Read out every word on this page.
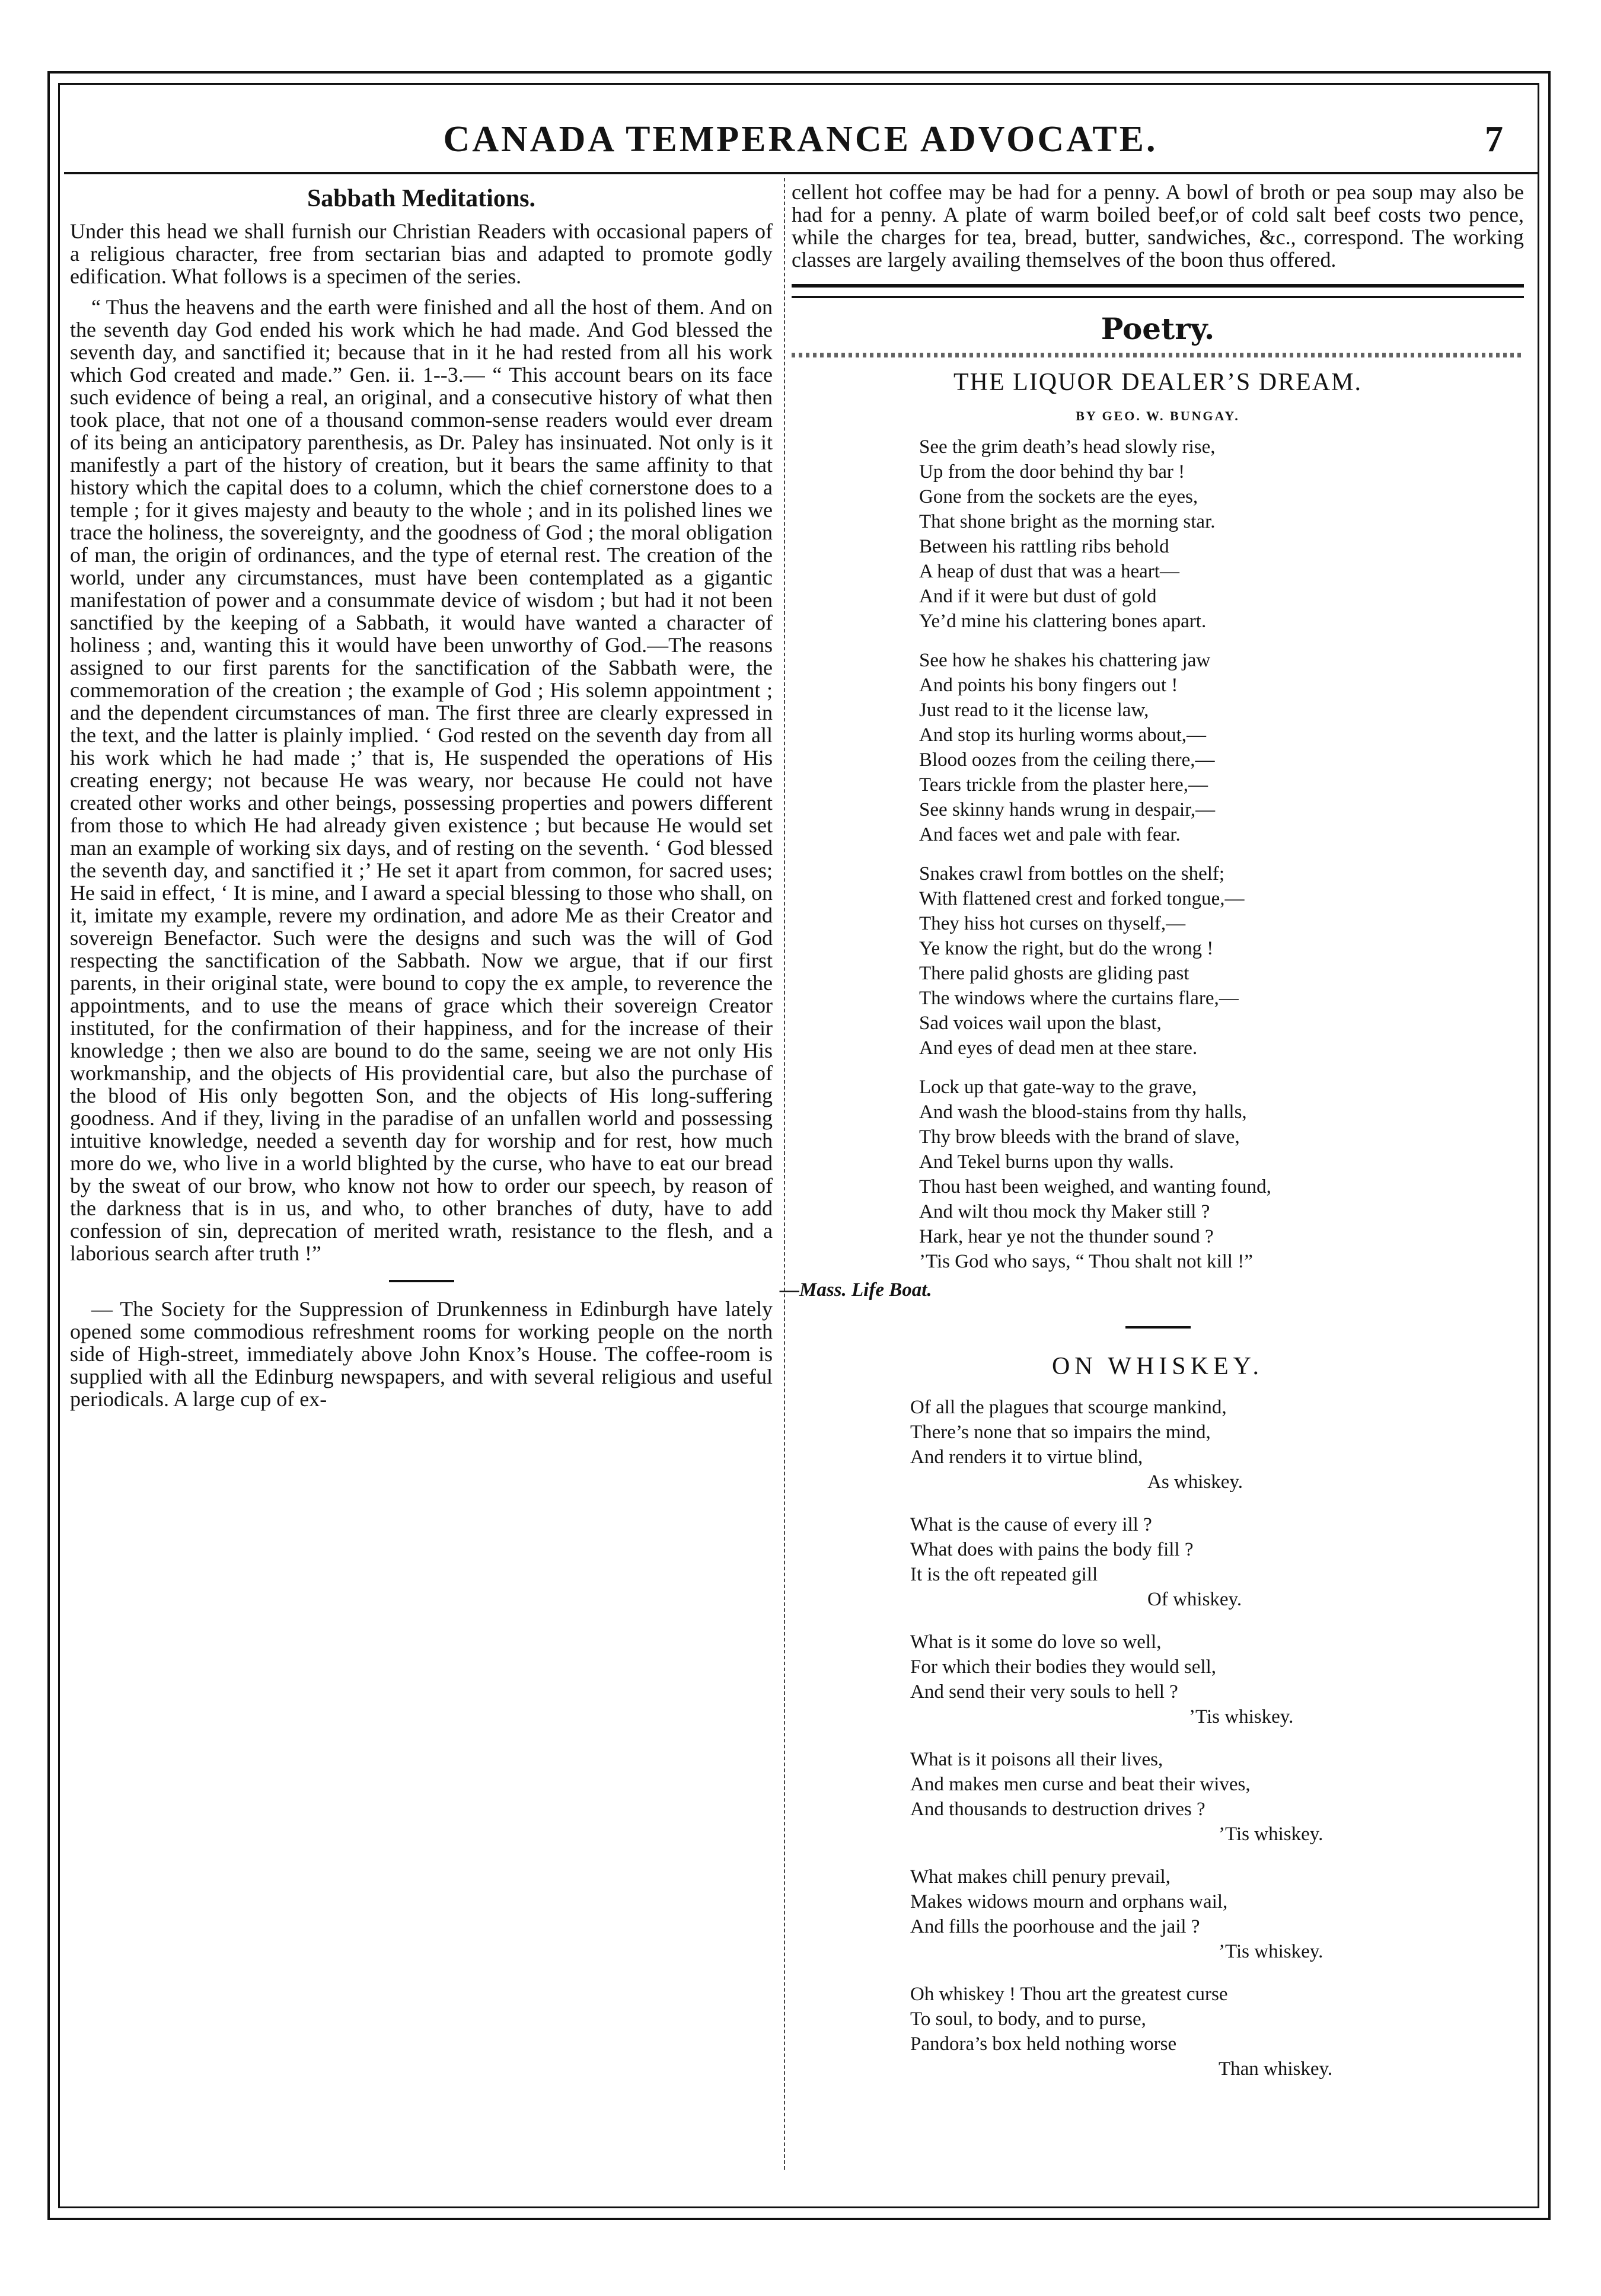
CANADA TEMPERANCE ADVOCATE.	7
Sabbath Meditations.

Under this head we shall furnish our Christian Readers with occasional papers of a religious character, free from sectarian bias and adapted to promote godly edification. What follows is a specimen of the series.

“ Thus the heavens and the earth were finished and all the host of them. And on the seventh day God ended his work which he had made. And God blessed the seventh day, and sanctified it; because that in it he had rested from all his work which God created and made.” Gen. ii. 1--3.— “ This account bears on its face such evidence of being a real, an original, and a consecutive history of what then took place, that not one of a thousand common-sense readers would ever dream of its being an anticipatory parenthesis, as Dr. Paley has insinuated. Not only is it manifestly a part of the history of creation, but it bears the same affinity to that history which the capital does to a column, which the chief cornerstone does to a temple ; for it gives majesty and beauty to the whole ; and in its polished lines we trace the holiness, the sovereignty, and the goodness of God ; the moral obligation of man, the origin of ordinances, and the type of eternal rest. The creation of the world, under any circumstances, must have been contemplated as a gigantic manifestation of power and a consummate device of wisdom ; but had it not been sanctified by the keeping of a Sabbath, it would have wanted a character of holiness ; and, wanting this it would have been unworthy of God.—The reasons assigned to our first parents for the sanctification of the Sabbath were, the commemoration of the creation ; the example of God ; His solemn appointment ; and the dependent circumstances of man. The first three are clearly expressed in the text, and the latter is plainly implied. ‘ God rested on the seventh day from all his work which he had made ;’ that is, He suspended the operations of His creating energy; not because He was weary, nor because He could not have created other works and other beings, possessing properties and powers different from those to which He had already given existence ; but because He would set man an example of working six days, and of resting on the seventh. ‘ God blessed the seventh day, and sanctified it ;’ He set it apart from common, for sacred uses; He said in effect, ‘ It is mine, and I award a special blessing to those who shall, on it, imitate my example, revere my ordination, and adore Me as their Creator and sovereign Benefactor. Such were the designs and such was the will of God respecting the sanctification of the Sabbath. Now we argue, that if our first parents, in their original state, were bound to copy the ex ample, to reverence the appointments, and to use the means of grace which their sovereign Creator instituted, for the confirmation of their happiness, and for the increase of their knowledge ; then we also are bound to do the same, seeing we are not only His workmanship, and the objects of His providential care, but also the purchase of the blood of His only begotten Son, and the objects of His long-suffering goodness. And if they, living in the paradise of an unfallen world and possessing intuitive knowledge, needed a seventh day for worship and for rest, how much more do we, who live in a world blighted by the curse, who have to eat our bread by the sweat of our brow, who know not how to order our speech, by reason of the darkness that is in us, and who, to other branches of duty, have to add confession of sin, deprecation of merited wrath, resistance to the flesh, and a laborious search after truth !”

— The Society for the Suppression of Drunkenness in Edinburgh have lately opened some commodious refreshment rooms for working people on the north side of High-street, immediately above John Knox’s House. The coffee-room is supplied with all the Edinburg newspapers, and with several religious and useful periodicals. A large cup of ex-

cellent hot coffee may be had for a penny. A bowl of broth or pea soup may also be had for a penny. A plate of warm boiled beef,or of cold salt beef costs two pence, while the charges for tea, bread, butter, sandwiches, &c., correspond. The working classes are largely availing themselves of the boon thus offered.

Poetry.
THE LIQUOR DEALER’S DREAM.
BY GEO. W. BUNGAY.
See the grim death’s head slowly rise,
Up from the door behind thy bar !
Gone from the sockets are the eyes,
That shone bright as the morning star.
Between his rattling ribs behold
A heap of dust that was a heart—
And if it were but dust of gold
Ye’d mine his clattering bones apart.
See how he shakes his chattering jaw
And points his bony fingers out !
Just read to it the license law,
And stop its hurling worms about,—
Blood oozes from the ceiling there,—
Tears trickle from the plaster here,—
See skinny hands wrung in despair,—
And faces wet and pale with fear.
Snakes crawl from bottles on the shelf;
With flattened crest and forked tongue,—
They hiss hot curses on thyself,—
Ye know the right, but do the wrong !
There palid ghosts are gliding past
The windows where the curtains flare,—
Sad voices wail upon the blast,
And eyes of dead men at thee stare.
Lock up that gate-way to the grave,
And wash the blood-stains from thy halls,
Thy brow bleeds with the brand of slave,
And Tekel burns upon thy walls.
Thou hast been weighed, and wanting found,
And wilt thou mock thy Maker still ?
Hark, hear ye not the thunder sound ?
’Tis God who says, “ Thou shalt not kill !”
—Mass. Life Boat.
ON WHISKEY.
Of all the plagues that scourge mankind,
There’s none that so impairs the mind,
And renders it to virtue blind,
As whiskey.
What is the cause of every ill ?
What does with pains the body fill ?
It is the oft repeated gill
Of whiskey.
What is it some do love so well,
For which their bodies they would sell,
And send their very souls to hell ?
’Tis whiskey.
What is it poisons all their lives,
And makes men curse and beat their wives,
And thousands to destruction drives ?
’Tis whiskey.
What makes chill penury prevail,
Makes widows mourn and orphans wail,
And fills the poorhouse and the jail ?
’Tis whiskey.
Oh whiskey ! Thou art the greatest curse
To soul, to body, and to purse,
Pandora’s box held nothing worse
Than whiskey.
